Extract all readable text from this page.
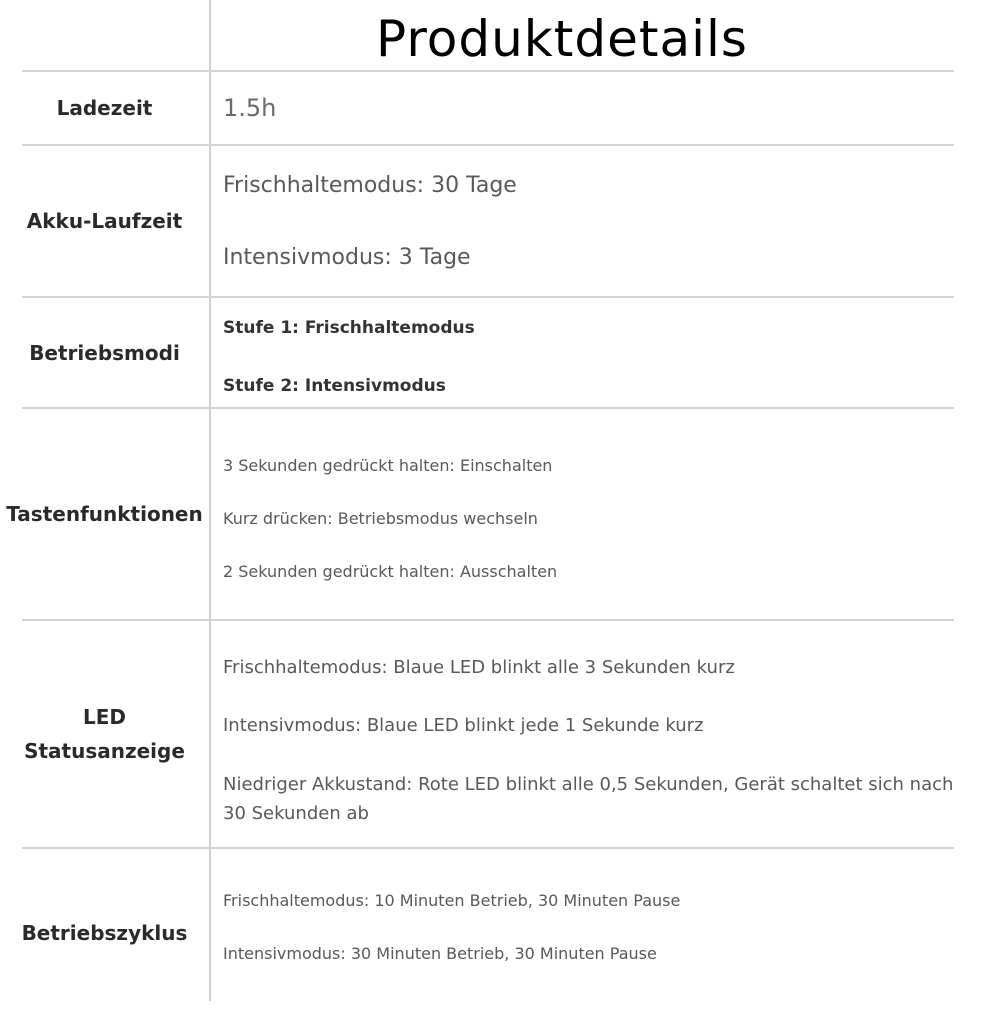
Produktdetails
Ladezeit	1.5h
Akku-Laufzeit
Frischhaltemodus: 30 Tage
Intensivmodus: 3 Tage
Betriebsmodi
Stufe 1: Frischhaltemodus
Stufe 2: Intensivmodus
Tastenfunktionen
3 Sekunden gedrückt halten: Einschalten
Kurz drücken: Betriebsmodus wechseln
2 Sekunden gedrückt halten: Ausschalten
LED
Statusanzeige
Frischhaltemodus: Blaue LED blinkt alle 3 Sekunden kurz
Intensivmodus: Blaue LED blinkt jede 1 Sekunde kurz
Niedriger Akkustand: Rote LED blinkt alle 0,5 Sekunden, Gerät schaltet sich nach 30 Sekunden ab
Betriebszyklus
Frischhaltemodus: 10 Minuten Betrieb, 30 Minuten Pause
Intensivmodus: 30 Minuten Betrieb, 30 Minuten Pause
